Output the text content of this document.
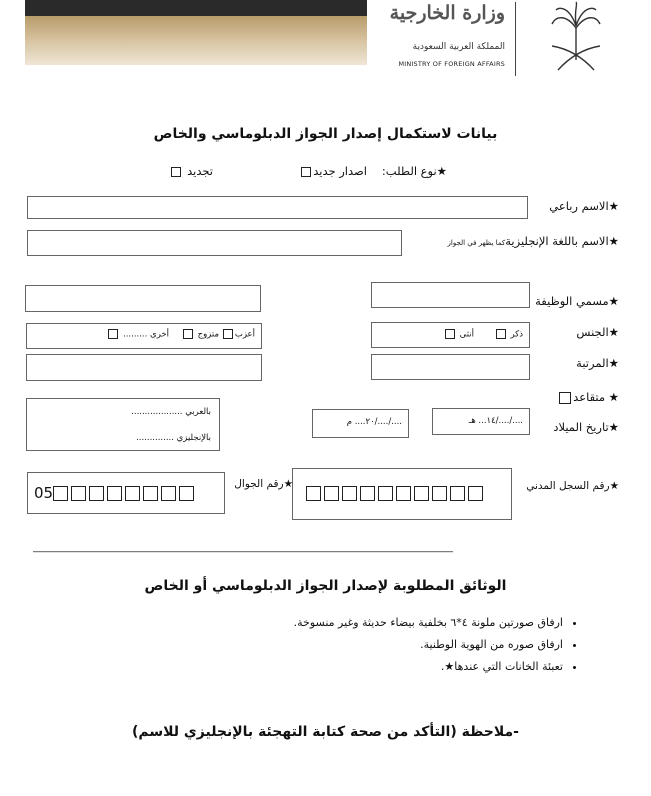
وزارة الخارجية
المملكة العربية السعودية
MINISTRY OF FOREIGN AFFAIRS
بيانات لاستكمال إصدار الجواز الدبلوماسي والخاص
★نوع الطلب:
اصدار جديد
تجديد
★الاسم رباعي
★الاسم باللغة الإنجليزيةكما يظهر في الجواز
★مسمي الوظيفة
★الجنس
ذكر
أنثى
أعزب
متزوج
أخرى .........
★المرتبة
★ متقاعد
★تاريخ الميلاد
..../..../١٤... هـ
..../..../٢٠.... م
بالعربي ...................
بالإنجليزي ..............
★رقم السجل المدني
★رقم الجوال
05
____________________________________________________________________________________
الوثائق المطلوبة لإصدار الجواز الدبلوماسي أو الخاص
• ارفاق صورتين ملونة ٤*٦ بخلفية بيضاء حديثة وغير منسوخة.
• ارفاق صوره من الهوية الوطنية.
• تعبئة الخانات التي عندها★.
-ملاحظة (التأكد من صحة كتابة التهجئة بالإنجليزي للاسم)
